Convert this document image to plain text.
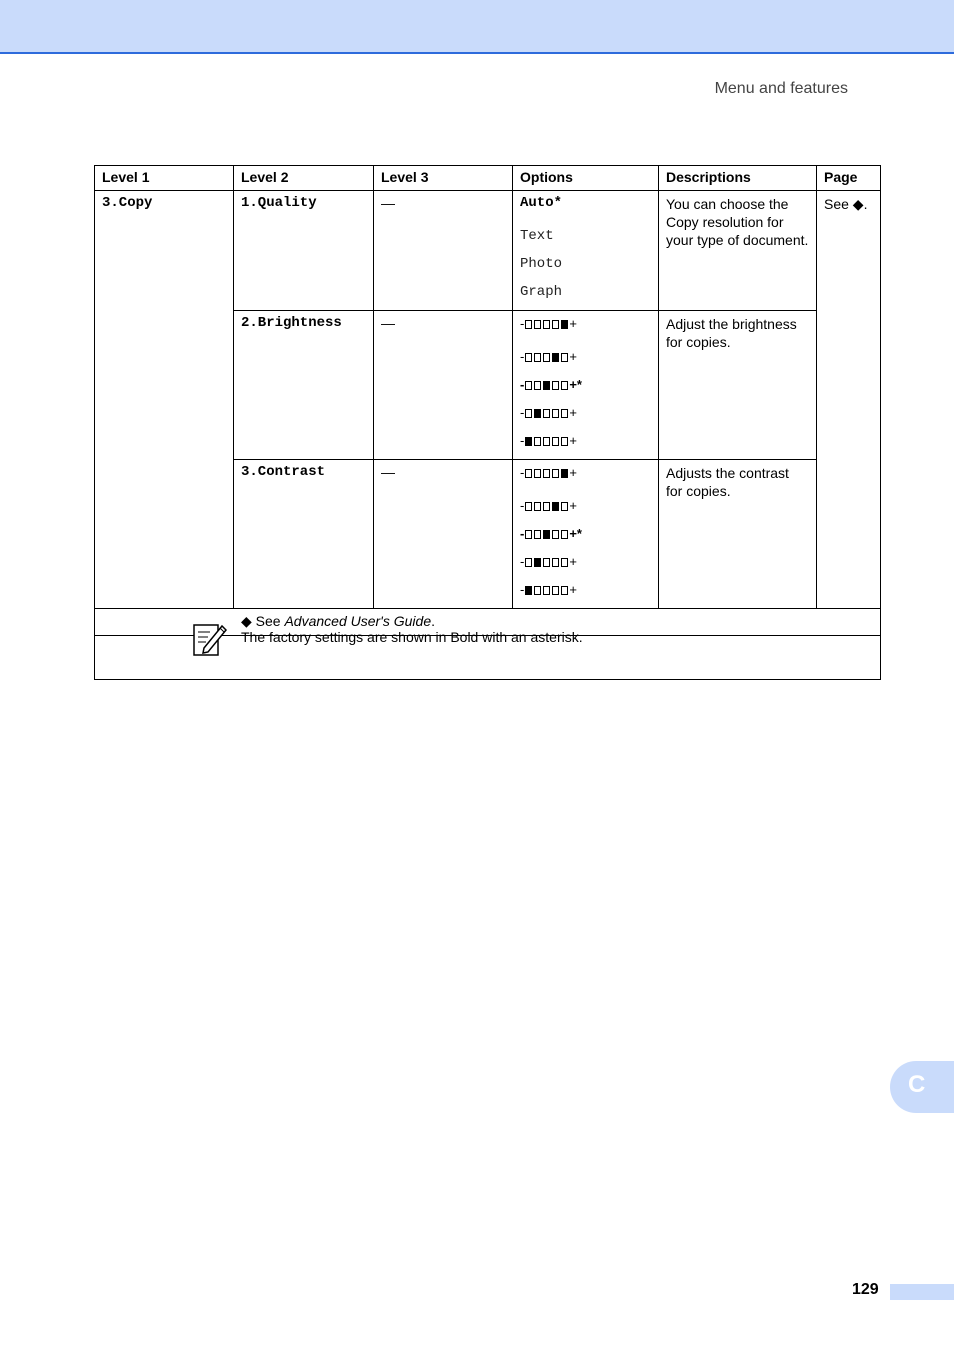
Menu and features
Level 1	Level 2	Level 3	Options	Descriptions	Page
3.Copy	1.Quality	—	Auto*
Text
Photo
Graph	You can choose the Copy resolution for your type of document.	See ◆.
	2.Brightness	—	- +
- +
- +*
- +
- +	Adjust the brightness for copies.	
	3.Contrast	—	- +
- +
- +*
- +
- +	Adjusts the contrast for copies.	
◆ See Advanced User's Guide.					

The factory settings are shown in Bold with an asterisk.
C
129
